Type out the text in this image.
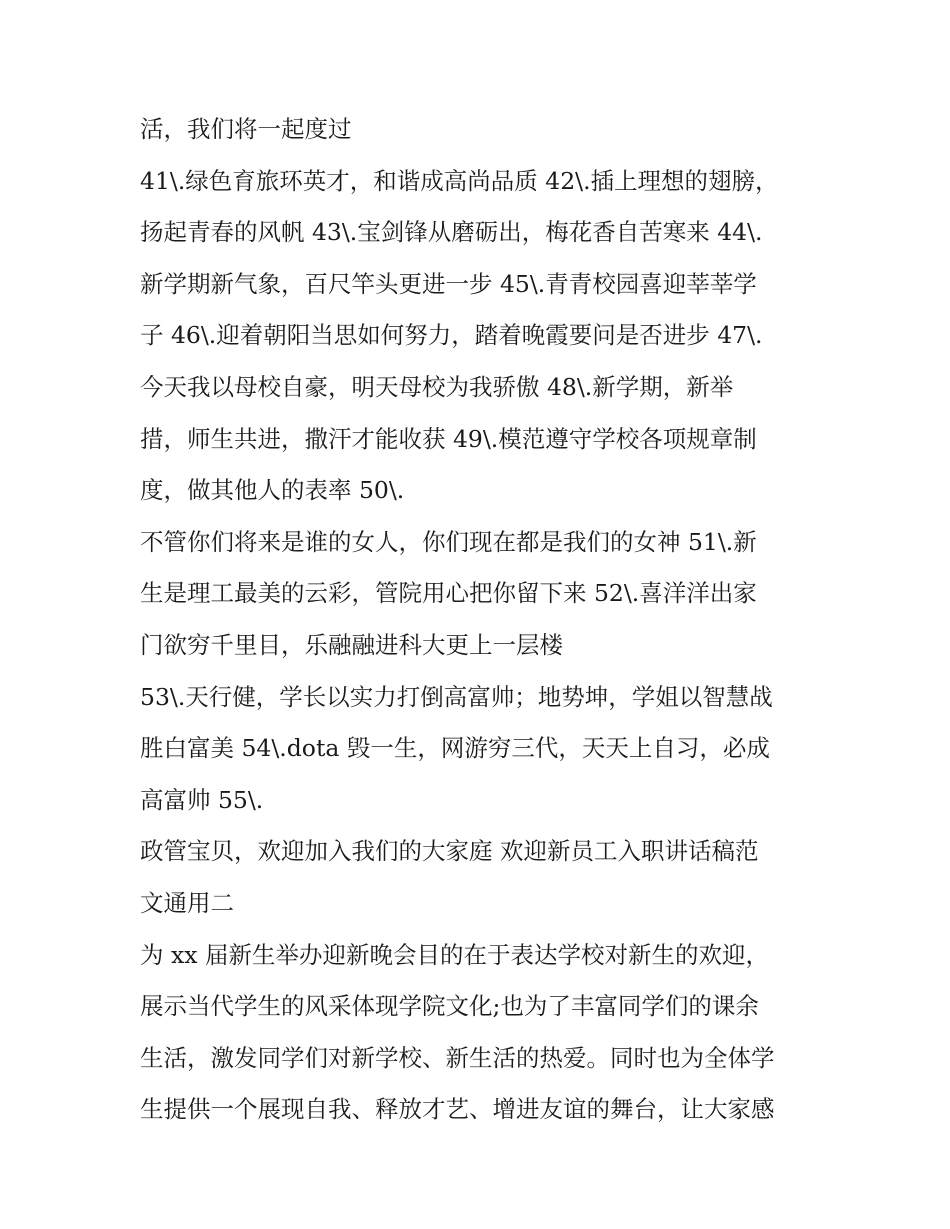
活，我们将一起度过
41\.绿色育旅环英才，和谐成高尚品质 42\.插上理想的翅膀，
扬起青春的风帆 43\.宝剑锋从磨砺出，梅花香自苦寒来 44\.
新学期新气象，百尺竿头更进一步 45\.青青校园喜迎莘莘学
子 46\.迎着朝阳当思如何努力，踏着晚霞要问是否进步 47\.
今天我以母校自豪，明天母校为我骄傲 48\.新学期，新举
措，师生共进，撒汗才能收获 49\.模范遵守学校各项规章制
度，做其他人的表率 50\.
不管你们将来是谁的女人，你们现在都是我们的女神 51\.新
生是理工最美的云彩，管院用心把你留下来 52\.喜洋洋出家
门欲穷千里目，乐融融进科大更上一层楼
53\.天行健，学长以实力打倒高富帅；地势坤，学姐以智慧战
胜白富美 54\.dota 毁一生，网游穷三代，天天上自习，必成
高富帅 55\.
政管宝贝，欢迎加入我们的大家庭 欢迎新员工入职讲话稿范
文通用二
为 xx 届新生举办迎新晚会目的在于表达学校对新生的欢迎，
展示当代学生的风采体现学院文化;也为了丰富同学们的课余
生活，激发同学们对新学校、新生活的热爱。同时也为全体学
生提供一个展现自我、释放才艺、增进友谊的舞台，让大家感
